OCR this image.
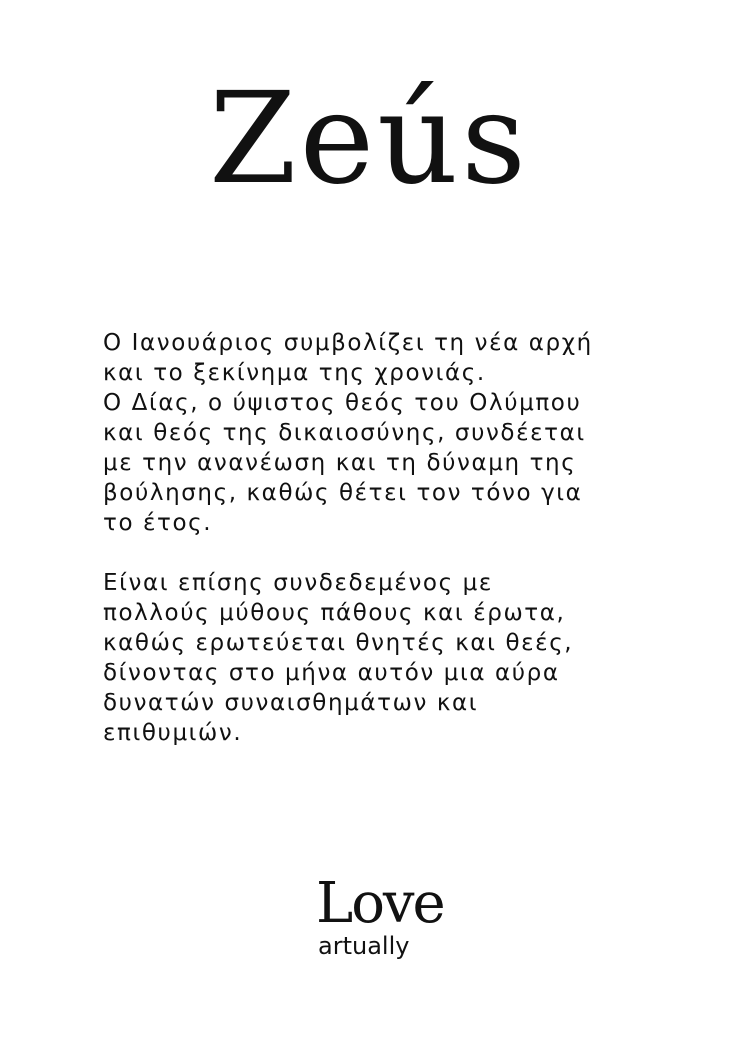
Zeús

Ο Ιανουάριος συμβολίζει τη νέα αρχή
και το ξεκίνημα της χρονιάς.
Ο Δίας, ο ύψιστος θεός του Ολύμπου
και θεός της δικαιοσύνης, συνδέεται
με την ανανέωση και τη δύναμη της
βούλησης, καθώς θέτει τον τόνο για
το έτος.

Είναι επίσης συνδεδεμένος με
πολλούς μύθους πάθους και έρωτα,
καθώς ερωτεύεται θνητές και θεές,
δίνοντας στο μήνα αυτόν μια αύρα
δυνατών συναισθημάτων και
επιθυμιών.

Love
artually
